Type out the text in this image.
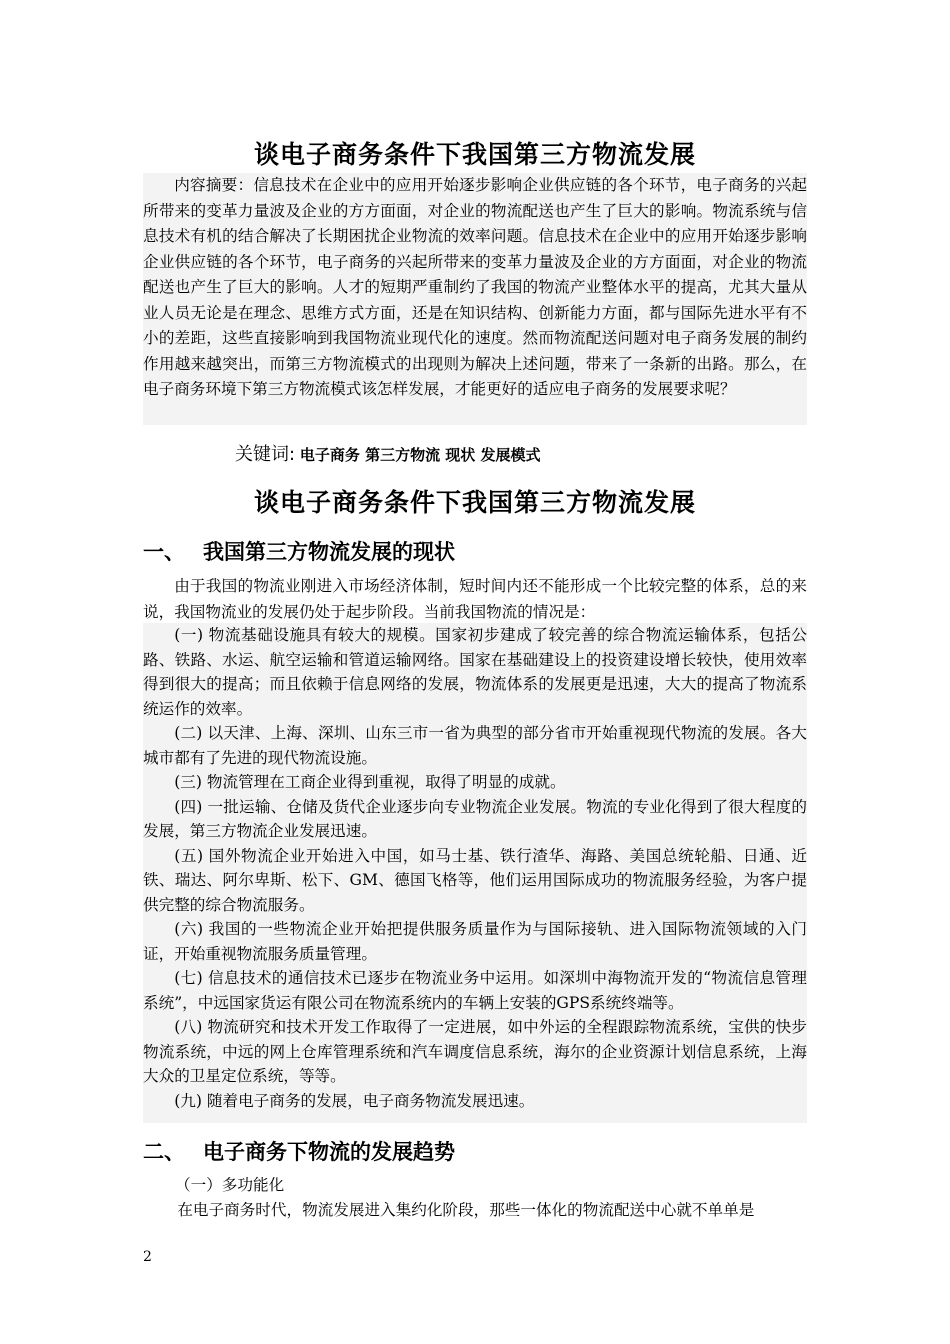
谈电子商务条件下我国第三方物流发展

内容摘要：信息技术在企业中的应用开始逐步影响企业供应链的各个环节，电子商务的兴起所带来的变革力量波及企业的方方面面，对企业的物流配送也产生了巨大的影响。物流系统与信息技术有机的结合解决了长期困扰企业物流的效率问题。信息技术在企业中的应用开始逐步影响企业供应链的各个环节，电子商务的兴起所带来的变革力量波及企业的方方面面，对企业的物流配送也产生了巨大的影响。人才的短期严重制约了我国的物流产业整体水平的提高，尤其大量从业人员无论是在理念、思维方式方面，还是在知识结构、创新能力方面，都与国际先进水平有不小的差距，这些直接影响到我国物流业现代化的速度。然而物流配送问题对电子商务发展的制约作用越来越突出，而第三方物流模式的出现则为解决上述问题，带来了一条新的出路。那么，在电子商务环境下第三方物流模式该怎样发展，才能更好的适应电子商务的发展要求呢？

关键词: 电子商务 第三方物流 现状 发展模式
谈电子商务条件下我国第三方物流发展
一、 我国第三方物流发展的现状

由于我国的物流业刚进入市场经济体制，短时间内还不能形成一个比较完整的体系，总的来说，我国物流业的发展仍处于起步阶段。当前我国物流的情况是：

(一) 物流基础设施具有较大的规模。国家初步建成了较完善的综合物流运输体系，包括公路、铁路、水运、航空运输和管道运输网络。国家在基础建设上的投资建设增长较快，使用效率得到很大的提高；而且依赖于信息网络的发展，物流体系的发展更是迅速，大大的提高了物流系统运作的效率。

(二) 以天津、上海、深圳、山东三市一省为典型的部分省市开始重视现代物流的发展。各大城市都有了先进的现代物流设施。

(三) 物流管理在工商企业得到重视，取得了明显的成就。

(四) 一批运输、仓储及货代企业逐步向专业物流企业发展。物流的专业化得到了很大程度的发展，第三方物流企业发展迅速。

(五) 国外物流企业开始进入中国，如马士基、铁行渣华、海路、美国总统轮船、日通、近铁、瑞达、阿尔卑斯、松下、GM、德国飞格等，他们运用国际成功的物流服务经验，为客户提供完整的综合物流服务。

(六) 我国的一些物流企业开始把提供服务质量作为与国际接轨、进入国际物流领域的入门证，开始重视物流服务质量管理。

(七) 信息技术的通信技术已逐步在物流业务中运用。如深圳中海物流开发的“物流信息管理系统”，中远国家货运有限公司在物流系统内的车辆上安装的GPS系统终端等。

(八) 物流研究和技术开发工作取得了一定进展，如中外运的全程跟踪物流系统，宝供的快步物流系统，中远的网上仓库管理系统和汽车调度信息系统，海尔的企业资源计划信息系统，上海大众的卫星定位系统，等等。

(九) 随着电子商务的发展，电子商务物流发展迅速。

二、 电子商务下物流的发展趋势
（一）多功能化

在电子商务时代，物流发展进入集约化阶段，那些一体化的物流配送中心就不单单是

2
